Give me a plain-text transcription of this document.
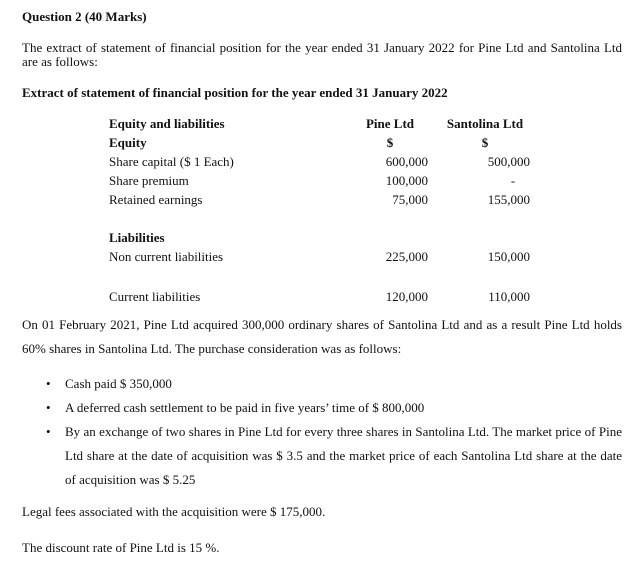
Question 2 (40 Marks)
The extract of statement of financial position for the year ended 31 January 2022 for Pine Ltd and Santolina Ltd are as follows:
Extract of statement of financial position for the year ended 31 January 2022
Equity and liabilities	Pine Ltd	Santolina Ltd
Equity	$	$
Share capital ($ 1 Each)	600,000	500,000
Share premium	100,000	-
Retained earnings	75,000	155,000
Liabilities
Non current liabilities	225,000	150,000
Current liabilities	120,000	110,000
On 01 February 2021, Pine Ltd acquired 300,000 ordinary shares of Santolina Ltd and as a result Pine Ltd holds 60% shares in Santolina Ltd. The purchase consideration was as follows:
• Cash paid $ 350,000
• A deferred cash settlement to be paid in five years’ time of $ 800,000
• By an exchange of two shares in Pine Ltd for every three shares in Santolina Ltd. The market price of Pine Ltd share at the date of acquisition was $ 3.5 and the market price of each Santolina Ltd share at the date of acquisition was $ 5.25
Legal fees associated with the acquisition were $ 175,000.
The discount rate of Pine Ltd is 15 %.
